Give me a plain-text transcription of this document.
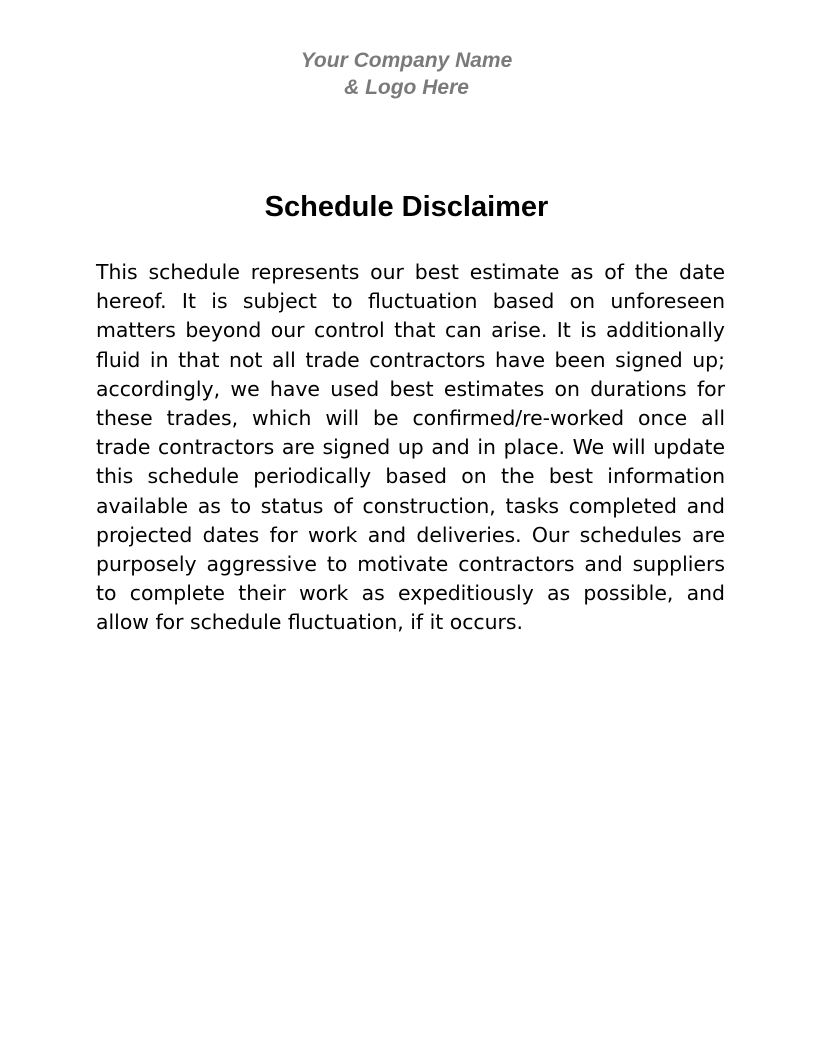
Your Company Name
& Logo Here
Schedule Disclaimer

This schedule represents our best estimate as of the date hereof. It is subject to fluctuation based on unforeseen matters beyond our control that can arise. It is additionally fluid in that not all trade contractors have been signed up; accordingly, we have used best estimates on durations for these trades, which will be confirmed/re-worked once all trade contractors are signed up and in place. We will update this schedule periodically based on the best information available as to status of construction, tasks completed and projected dates for work and deliveries. Our schedules are purposely aggressive to motivate contractors and suppliers to complete their work as expeditiously as possible, and allow for schedule fluctuation, if it occurs.
